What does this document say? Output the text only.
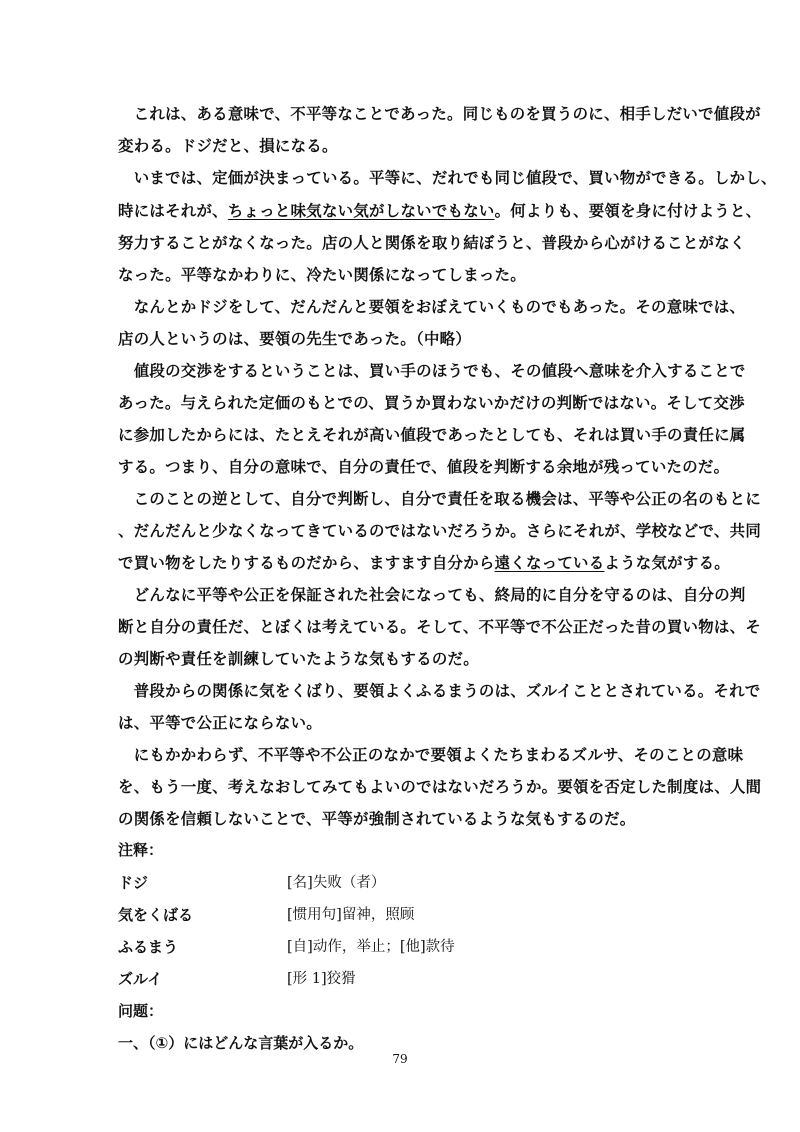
　これは、ある意味で、不平等なことであった。同じものを買うのに、相手しだいで値段が
変わる。ドジだと、損になる。
　いまでは、定価が決まっている。平等に、だれでも同じ値段で、買い物ができる。しかし、
時にはそれが、ちょっと味気ない気がしないでもない。何よりも、要領を身に付けようと、
努力することがなくなった。店の人と関係を取り結ぼうと、普段から心がけることがなく
なった。平等なかわりに、冷たい関係になってしまった。
　なんとかドジをして、だんだんと要領をおぼえていくものでもあった。その意味では、
店の人というのは、要領の先生であった。（中略）
　値段の交渉をするということは、買い手のほうでも、その値段へ意味を介入することで
あった。与えられた定価のもとでの、買うか買わないかだけの判断ではない。そして交渉
に参加したからには、たとえそれが高い値段であったとしても、それは買い手の責任に属
する。つまり、自分の意味で、自分の責任で、値段を判断する余地が残っていたのだ。
　このことの逆として、自分で判断し、自分で責任を取る機会は、平等や公正の名のもとに
、だんだんと少なくなってきているのではないだろうか。さらにそれが、学校などで、共同
で買い物をしたりするものだから、ますます自分から遠くなっているような気がする。
　どんなに平等や公正を保証された社会になっても、終局的に自分を守るのは、自分の判
断と自分の責任だ、とぼくは考えている。そして、不平等で不公正だった昔の買い物は、そ
の判断や責任を訓練していたような気もするのだ。
　普段からの関係に気をくばり、要領よくふるまうのは、ズルイこととされている。それで
は、平等で公正にならない。
　にもかかわらず、不平等や不公正のなかで要領よくたちまわるズルサ、そのことの意味
を、もう一度、考えなおしてみてもよいのではないだろうか。要領を否定した制度は、人間
の関係を信頼しないことで、平等が強制されているような気もするのだ。
注释：
ドジ	[名]失败（者）
気をくばる	[惯用句]留神，照顾
ふるまう	[自]动作，举止；[他]款待
ズルイ	[形 1]狡猾
问题：
一、（①）にはどんな言葉が入るか。
79
